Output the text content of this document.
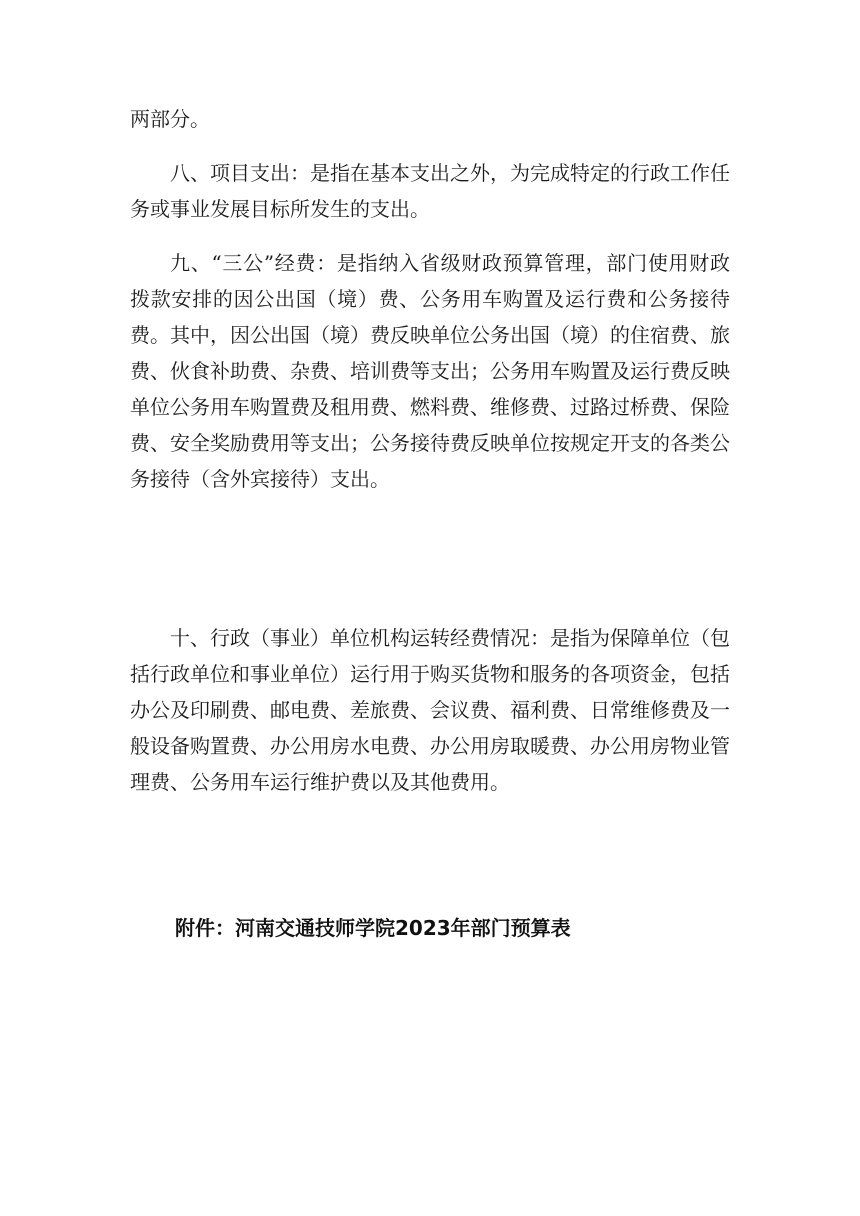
两部分。

八、项目支出：是指在基本支出之外，为完成特定的行政工作任务或事业发展目标所发生的支出。

九、“三公”经费：是指纳入省级财政预算管理，部门使用财政拨款安排的因公出国（境）费、公务用车购置及运行费和公务接待费。其中，因公出国（境）费反映单位公务出国（境）的住宿费、旅费、伙食补助费、杂费、培训费等支出；公务用车购置及运行费反映单位公务用车购置费及租用费、燃料费、维修费、过路过桥费、保险费、安全奖励费用等支出；公务接待费反映单位按规定开支的各类公务接待（含外宾接待）支出。

十、行政（事业）单位机构运转经费情况：是指为保障单位（包括行政单位和事业单位）运行用于购买货物和服务的各项资金，包括办公及印刷费、邮电费、差旅费、会议费、福利费、日常维修费及一般设备购置费、办公用房水电费、办公用房取暖费、办公用房物业管理费、公务用车运行维护费以及其他费用。

附件：河南交通技师学院2023年部门预算表
